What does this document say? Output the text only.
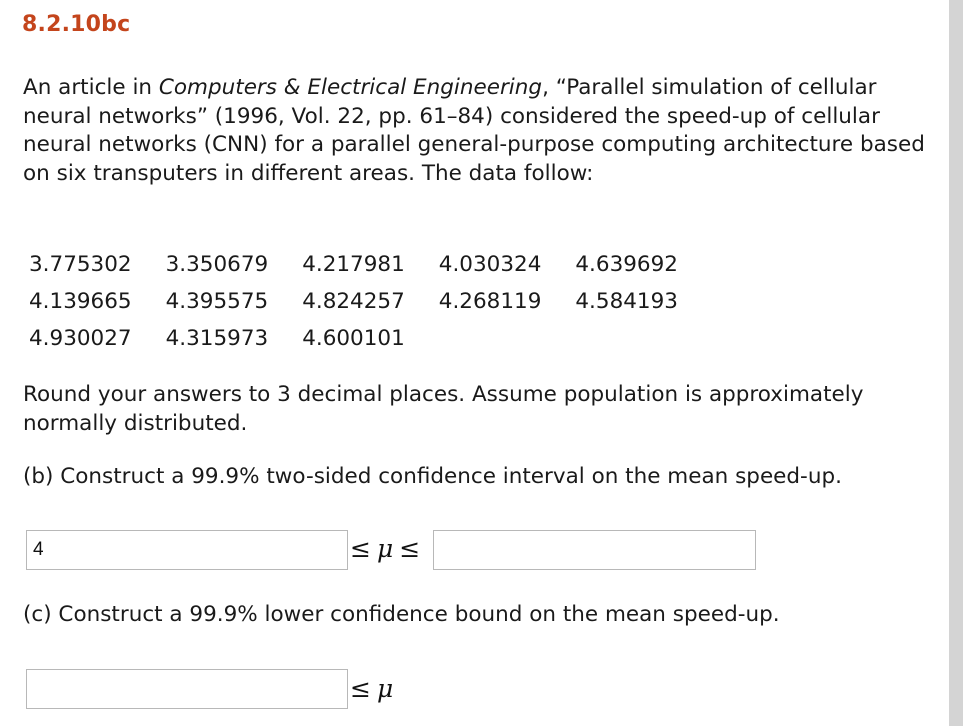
8.2.10bc

An article in Computers & Electrical Engineering, “Parallel simulation of cellular neural networks” (1996, Vol. 22, pp. 61–84) considered the speed-up of cellular neural networks (CNN) for a parallel general-purpose computing architecture based on six transputers in different areas. The data follow:

3.775302	3.350679	4.217981	4.030324	4.639692
4.139665	4.395575	4.824257	4.268119	4.584193
4.930027	4.315973	4.600101		

Round your answers to 3 decimal places. Assume population is approximately normally distributed.

(b) Construct a 99.9% two-sided confidence interval on the mean speed-up.

4
≤ μ ≤

(c) Construct a 99.9% lower confidence bound on the mean speed-up.

≤ μ
